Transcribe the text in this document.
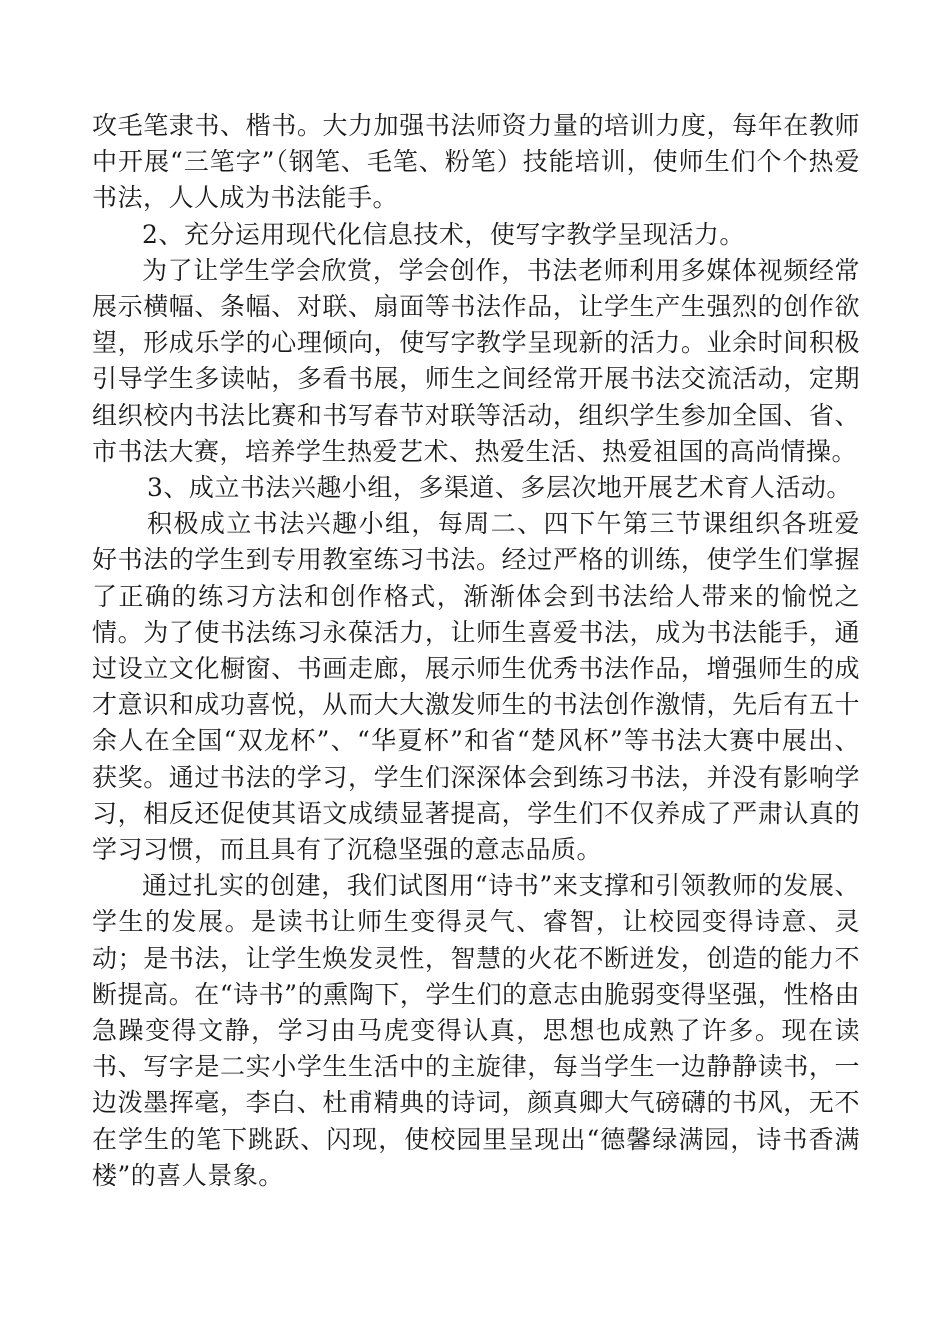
攻毛笔隶书、楷书。大力加强书法师资力量的培训力度，每年在教师中开展“三笔字”（钢笔、毛笔、粉笔）技能培训，使师生们个个热爱书法，人人成为书法能手。

2、充分运用现代化信息技术，使写字教学呈现活力。

为了让学生学会欣赏，学会创作，书法老师利用多媒体视频经常展示横幅、条幅、对联、扇面等书法作品，让学生产生强烈的创作欲望，形成乐学的心理倾向，使写字教学呈现新的活力。业余时间积极引导学生多读帖，多看书展，师生之间经常开展书法交流活动，定期组织校内书法比赛和书写春节对联等活动，组织学生参加全国、省、市书法大赛，培养学生热爱艺术、热爱生活、热爱祖国的高尚情操。

3、成立书法兴趣小组，多渠道、多层次地开展艺术育人活动。

积极成立书法兴趣小组，每周二、四下午第三节课组织各班爱好书法的学生到专用教室练习书法。经过严格的训练，使学生们掌握了正确的练习方法和创作格式，渐渐体会到书法给人带来的愉悦之情。为了使书法练习永葆活力，让师生喜爱书法，成为书法能手，通过设立文化橱窗、书画走廊，展示师生优秀书法作品，增强师生的成才意识和成功喜悦，从而大大激发师生的书法创作激情，先后有五十余人在全国“双龙杯”、“华夏杯”和省“楚风杯”等书法大赛中展出、获奖。通过书法的学习，学生们深深体会到练习书法，并没有影响学习，相反还促使其语文成绩显著提高，学生们不仅养成了严肃认真的学习习惯，而且具有了沉稳坚强的意志品质。

通过扎实的创建，我们试图用“诗书”来支撑和引领教师的发展、学生的发展。是读书让师生变得灵气、睿智，让校园变得诗意、灵动；是书法，让学生焕发灵性，智慧的火花不断迸发，创造的能力不断提高。在“诗书”的熏陶下，学生们的意志由脆弱变得坚强，性格由急躁变得文静，学习由马虎变得认真，思想也成熟了许多。现在读书、写字是二实小学生生活中的主旋律，每当学生一边静静读书，一边泼墨挥毫，李白、杜甫精典的诗词，颜真卿大气磅礴的书风，无不在学生的笔下跳跃、闪现，使校园里呈现出“德馨绿满园，诗书香满楼”的喜人景象。
